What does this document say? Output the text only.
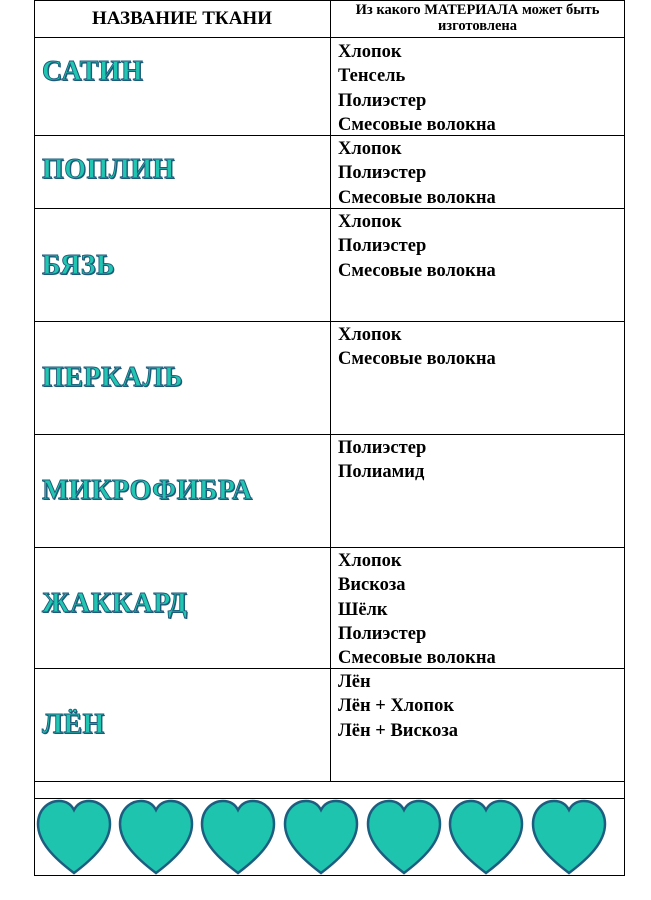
НАЗВАНИЕ ТКАНИ	Из какого МАТЕРИАЛА может быть
изготовлена
САТИН
Хлопок
Тенсель
Полиэстер
Смесовые волокна
ПОПЛИН
Хлопок
Полиэстер
Смесовые волокна
БЯЗЬ
Хлопок
Полиэстер
Смесовые волокна
ПЕРКАЛЬ
Хлопок
Смесовые волокна
МИКРОФИБРА
Полиэстер
Полиамид
ЖАККАРД
Хлопок
Вискоза
Шёлк
Полиэстер
Смесовые волокна
ЛЁН
Лён
Лён + Хлопок
Лён + Вискоза
